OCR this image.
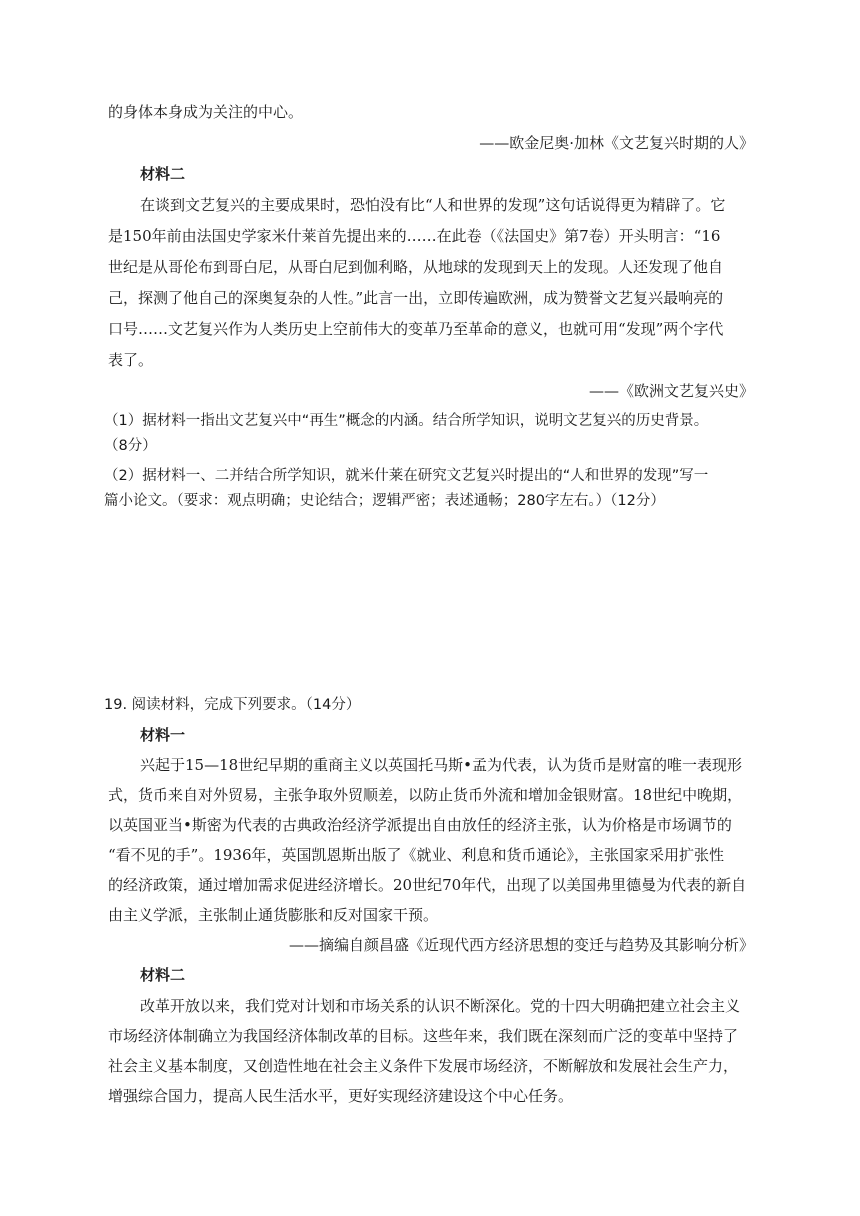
的身体本身成为关注的中心。
——欧金尼奥·加林《文艺复兴时期的人》
材料二
在谈到文艺复兴的主要成果时，恐怕没有比“人和世界的发现”这句话说得更为精辟了。它
是150年前由法国史学家米什莱首先提出来的……在此卷（《法国史》第7卷）开头明言：“16
世纪是从哥伦布到哥白尼，从哥白尼到伽利略，从地球的发现到天上的发现。人还发现了他自
己，探测了他自己的深奥复杂的人性。”此言一出，立即传遍欧洲，成为赞誉文艺复兴最响亮的
口号……文艺复兴作为人类历史上空前伟大的变革乃至革命的意义，也就可用“发现”两个字代
表了。
——《欧洲文艺复兴史》
（1）据材料一指出文艺复兴中“再生”概念的内涵。结合所学知识，说明文艺复兴的历史背景。
（8分）
（2）据材料一、二并结合所学知识，就米什莱在研究文艺复兴时提出的“人和世界的发现”写一
篇小论文。（要求：观点明确；史论结合；逻辑严密；表述通畅；280字左右。）（12分）
19. 阅读材料，完成下列要求。（14分）
材料一
兴起于15—18世纪早期的重商主义以英国托马斯•孟为代表，认为货币是财富的唯一表现形
式，货币来自对外贸易，主张争取外贸顺差，以防止货币外流和增加金银财富。18世纪中晚期，
以英国亚当•斯密为代表的古典政治经济学派提出自由放任的经济主张，认为价格是市场调节的
“看不见的手”。1936年，英国凯恩斯出版了《就业、利息和货币通论》，主张国家采用扩张性
的经济政策，通过增加需求促进经济增长。20世纪70年代，出现了以美国弗里德曼为代表的新自
由主义学派，主张制止通货膨胀和反对国家干预。
——摘编自颜昌盛《近现代西方经济思想的变迁与趋势及其影响分析》
材料二
改革开放以来，我们党对计划和市场关系的认识不断深化。党的十四大明确把建立社会主义
市场经济体制确立为我国经济体制改革的目标。这些年来，我们既在深刻而广泛的变革中坚持了
社会主义基本制度，又创造性地在社会主义条件下发展市场经济，不断解放和发展社会生产力，
增强综合国力，提高人民生活水平，更好实现经济建设这个中心任务。
